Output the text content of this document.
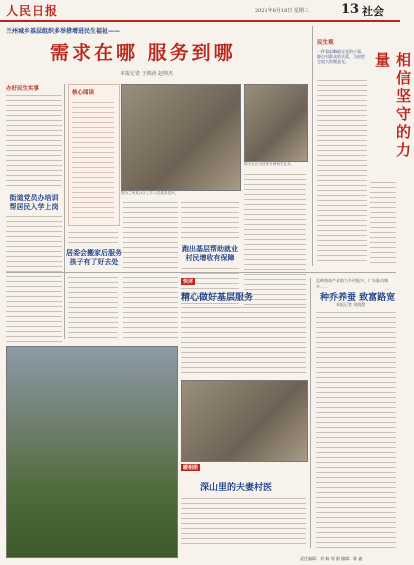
人民日报	2021年8月18日 星期三 13 社会
兰州城乡基层组织多举措增进民生福祉——
需求在哪 服务到哪
本报记者 王锦涛 赵帅杰
办好民生实事
街道党员办培训 帮居民入学上岗
核心阅读
图为兰州某社区工作人员服务居民。
居委会搬家后服务 孩子有了好去处
跑出基层帮助就业 村民增收有保障
图为社区为居民办理相关业务。
民生观
一件看似晦暗无光的小事，源自对群众的关爱，当你把它放大时便是光。	相信坚守的力量
快评
精心做好基层服务
暖相册
深山里的夫妻村医
反映海南产业助力乡村振兴，广东驱动城乡……
种乔养蚕 致富路宽
本报记者 刘晓慧
责任编辑：刘 畅 刘 娟 编辑：陈 鑫
